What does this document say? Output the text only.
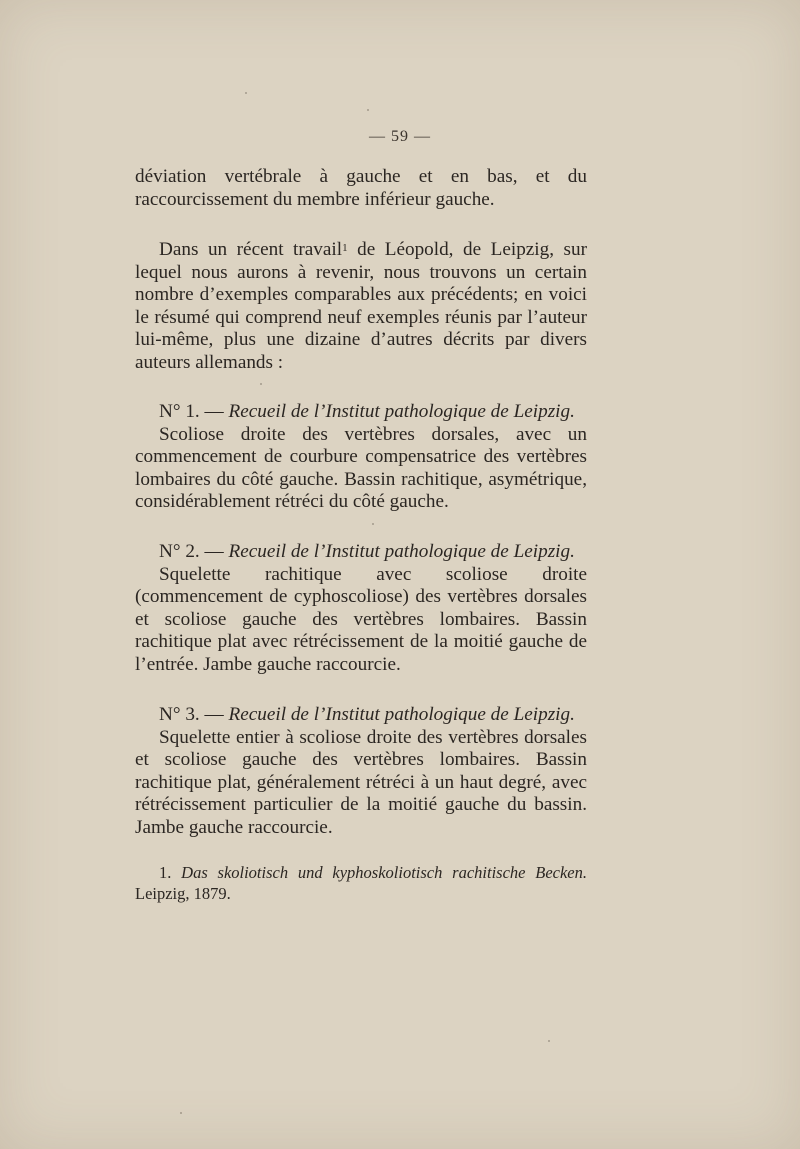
— 59 —

déviation vertébrale à gauche et en bas, et du raccourcissement du membre inférieur gauche.

Dans un récent travail$^1$ de Léopold, de Leipzig, sur lequel nous aurons à revenir, nous trouvons un certain nombre d’exemples comparables aux précédents; en voici le résumé qui comprend neuf exemples réunis par l’auteur lui-même, plus une dizaine d’autres décrits par divers auteurs allemands :

N° 1. — Recueil de l’Institut pathologique de Leipzig.

Scoliose droite des vertèbres dorsales, avec un commencement de courbure compensatrice des vertèbres lombaires du côté gauche. Bassin rachitique, asymétrique, considérablement rétréci du côté gauche.

N° 2. — Recueil de l’Institut pathologique de Leipzig.

Squelette rachitique avec scoliose droite (commencement de cyphoscoliose) des vertèbres dorsales et scoliose gauche des vertèbres lombaires. Bassin rachitique plat avec rétrécissement de la moitié gauche de l’entrée. Jambe gauche raccourcie.

N° 3. — Recueil de l’Institut pathologique de Leipzig.

Squelette entier à scoliose droite des vertèbres dorsales et scoliose gauche des vertèbres lombaires. Bassin rachitique plat, généralement rétréci à un haut degré, avec rétrécissement particulier de la moitié gauche du bassin. Jambe gauche raccourcie.

1. Das skoliotisch und kyphoskoliotisch rachitische Becken. Leipzig, 1879.
